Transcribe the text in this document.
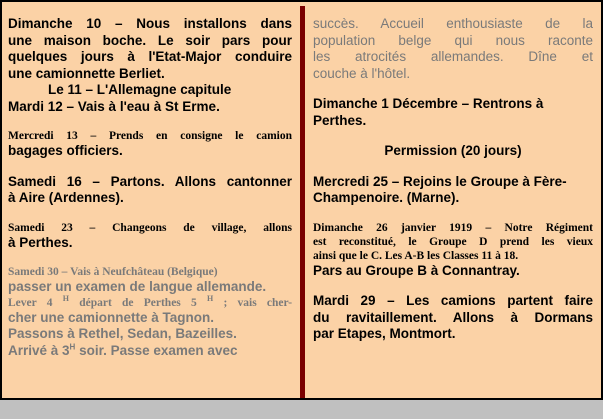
Dimanche 10 – Nous installons dans

une maison boche. Le soir pars pour

quelques jours à l'Etat-Major conduire

une camionnette Berliet.

Le 11 – L'Allemagne capitule

Mardi 12 – Vais à l'eau à St Erme.

Mercredi 13 – Prends en consigne le camion

bagages officiers.

Samedi 16 – Partons. Allons cantonner

à Aire (Ardennes).

Samedi 23 – Changeons de village, allons

à Perthes.

Samedi 30 – Vais à Neufchâteau (Belgique)

passer un examen de langue allemande.

Lever 4 $^H$ départ de Perthes 5 $^H$ ; vais cher-

cher une camionnette à Tagnon.

Passons à Rethel, Sedan, Bazeilles.

Arrivé à $3^H$ soir. Passe examen avec

succès. Accueil enthousiaste de la

population belge qui nous raconte

les atrocités allemandes. Dîne et

couche à l'hôtel.

Dimanche 1 Décembre – Rentrons à

Perthes.

Permission (20 jours)

Mercredi 25 – Rejoins le Groupe à Fère-

Champenoire. (Marne).

Dimanche 26 janvier 1919 – Notre Régiment

est reconstitué, le Groupe D prend les vieux

ainsi que le C. Les A-B les Classes 11 à 18.

Pars au Groupe B à Connantray.

Mardi 29 – Les camions partent faire

du ravitaillement. Allons à Dormans

par Etapes, Montmort.
